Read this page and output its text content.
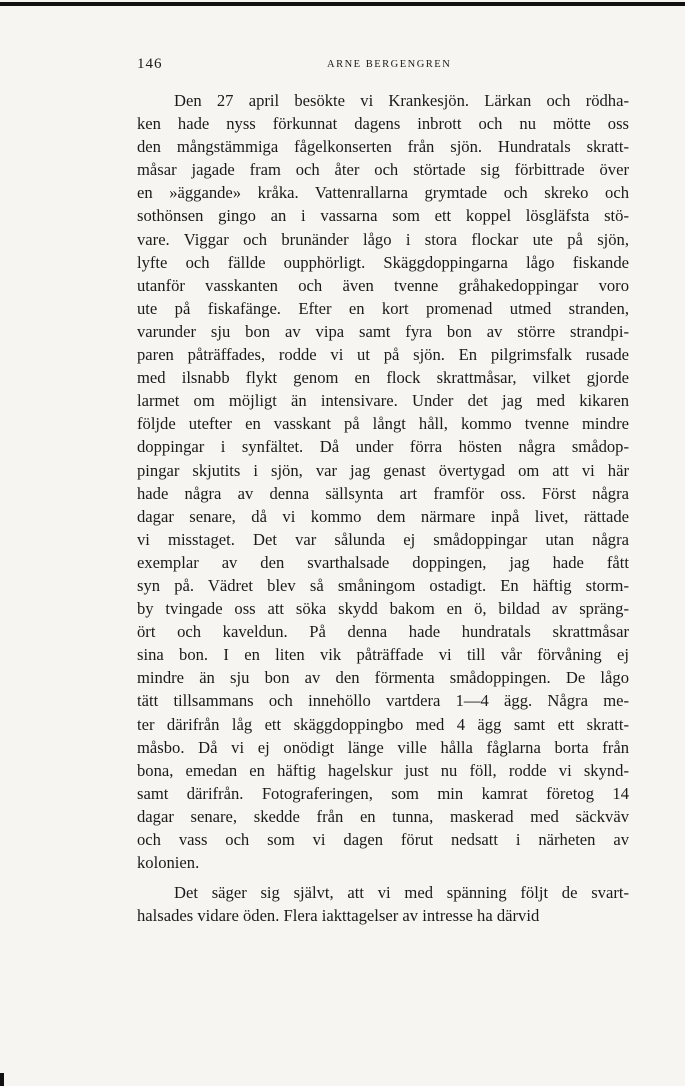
146	ARNE BERGENGREN
Den 27 april besökte vi Krankesjön. Lärkan och rödha-
ken hade nyss förkunnat dagens inbrott och nu mötte oss
den mångstämmiga fågelkonserten från sjön. Hundratals skratt-
måsar jagade fram och åter och störtade sig förbittrade över
en »äggande» kråka. Vattenrallarna grymtade och skreko och
sothönsen gingo an i vassarna som ett koppel lösgläfsta stö-
vare. Viggar och brunänder lågo i stora flockar ute på sjön,
lyfte och fällde oupphörligt. Skäggdoppingarna lågo fiskande
utanför vasskanten och även tvenne gråhakedoppingar voro
ute på fiskafänge. Efter en kort promenad utmed stranden,
varunder sju bon av vipa samt fyra bon av större strandpi-
paren påträffades, rodde vi ut på sjön. En pilgrimsfalk rusade
med ilsnabb flykt genom en flock skrattmåsar, vilket gjorde
larmet om möjligt än intensivare. Under det jag med kikaren
följde utefter en vasskant på långt håll, kommo tvenne mindre
doppingar i synfältet. Då under förra hösten några smådop-
pingar skjutits i sjön, var jag genast övertygad om att vi här
hade några av denna sällsynta art framför oss. Först några
dagar senare, då vi kommo dem närmare inpå livet, rättade
vi misstaget. Det var sålunda ej smådoppingar utan några
exemplar av den svarthalsade doppingen, jag hade fått
syn på. Vädret blev så småningom ostadigt. En häftig storm-
by tvingade oss att söka skydd bakom en ö, bildad av spräng-
ört och kaveldun. På denna hade hundratals skrattmåsar
sina bon. I en liten vik påträffade vi till vår förvåning ej
mindre än sju bon av den förmenta smådoppingen. De lågo
tätt tillsammans och innehöllo vartdera 1—4 ägg. Några me-
ter därifrån låg ett skäggdoppingbo med 4 ägg samt ett skratt-
måsbo. Då vi ej onödigt länge ville hålla fåglarna borta från
bona, emedan en häftig hagelskur just nu föll, rodde vi skynd-
samt därifrån. Fotograferingen, som min kamrat företog 14
dagar senare, skedde från en tunna, maskerad med säckväv
och vass och som vi dagen förut nedsatt i närheten av
kolonien.
Det säger sig självt, att vi med spänning följt de svart-
halsades vidare öden. Flera iakttagelser av intresse ha därvid
